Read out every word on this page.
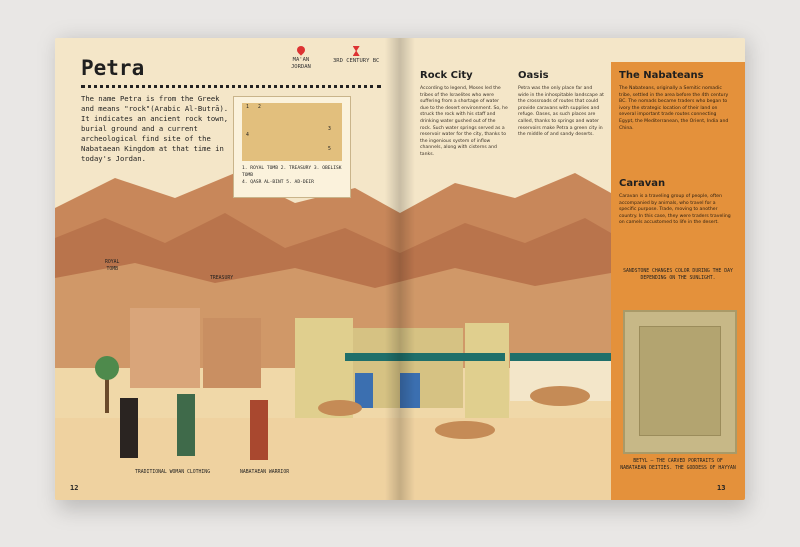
Petra	MA'AN
JORDAN
3RD CENTURY BC
The name Petra is from the Greek and means "rock"(Arabic Al-Butrā). It indicates an ancient rock town, burial ground and a current archeological find site of the Nabataean Kingdom at that time in today's Jordan.
1 2
3
4
5
1. ROYAL TOMB 2. TREASURY 3. OBELISK TOMB
4. QASR AL-BINT 5. AD-DEIR
ROYAL
TOMB
TREASURY
TRADITIONAL WOMAN CLOTHING	NABATAEAN WARRIOR
12
Rock City
According to legend, Moses led the tribes of the Israelites who were suffering from a shortage of water due to the desert environment. So, he struck the rock with his staff and drinking water gushed out of the rock. Such water springs served as a reservoir water for the city, thanks to the ingenious system of inflow channels, along with cisterns and tanks.
Oasis
Petra was the only place far and wide in the inhospitable landscape at the crossroads of routes that could provide caravans with supplies and refuge. Oases, as such places are called, thanks to springs and water reservoirs make Petra a green city in the middle of and sandy deserts.
The Nabateans
The Nabateans, originally a Semitic nomadic tribe, settled in the area before the 4th century BC. The nomads became traders who began to ivory the strategic location of their land on several important trade routes connecting Egypt, the Mediterranean, the Orient, India and China.
Caravan
Caravan is a traveling group of people, often accompanied by animals, who travel for a specific purpose. Trade, moving to another country. In this case, they were traders traveling on camels accustomed to life in the desert.
SANDSTONE CHANGES COLOR DURING THE DAY DEPENDING ON THE SUNLIGHT.
BETYL – THE CARVED PORTRAITS OF NABATAEAN DEITIES. THE GODDESS OF HAYYAN
13
